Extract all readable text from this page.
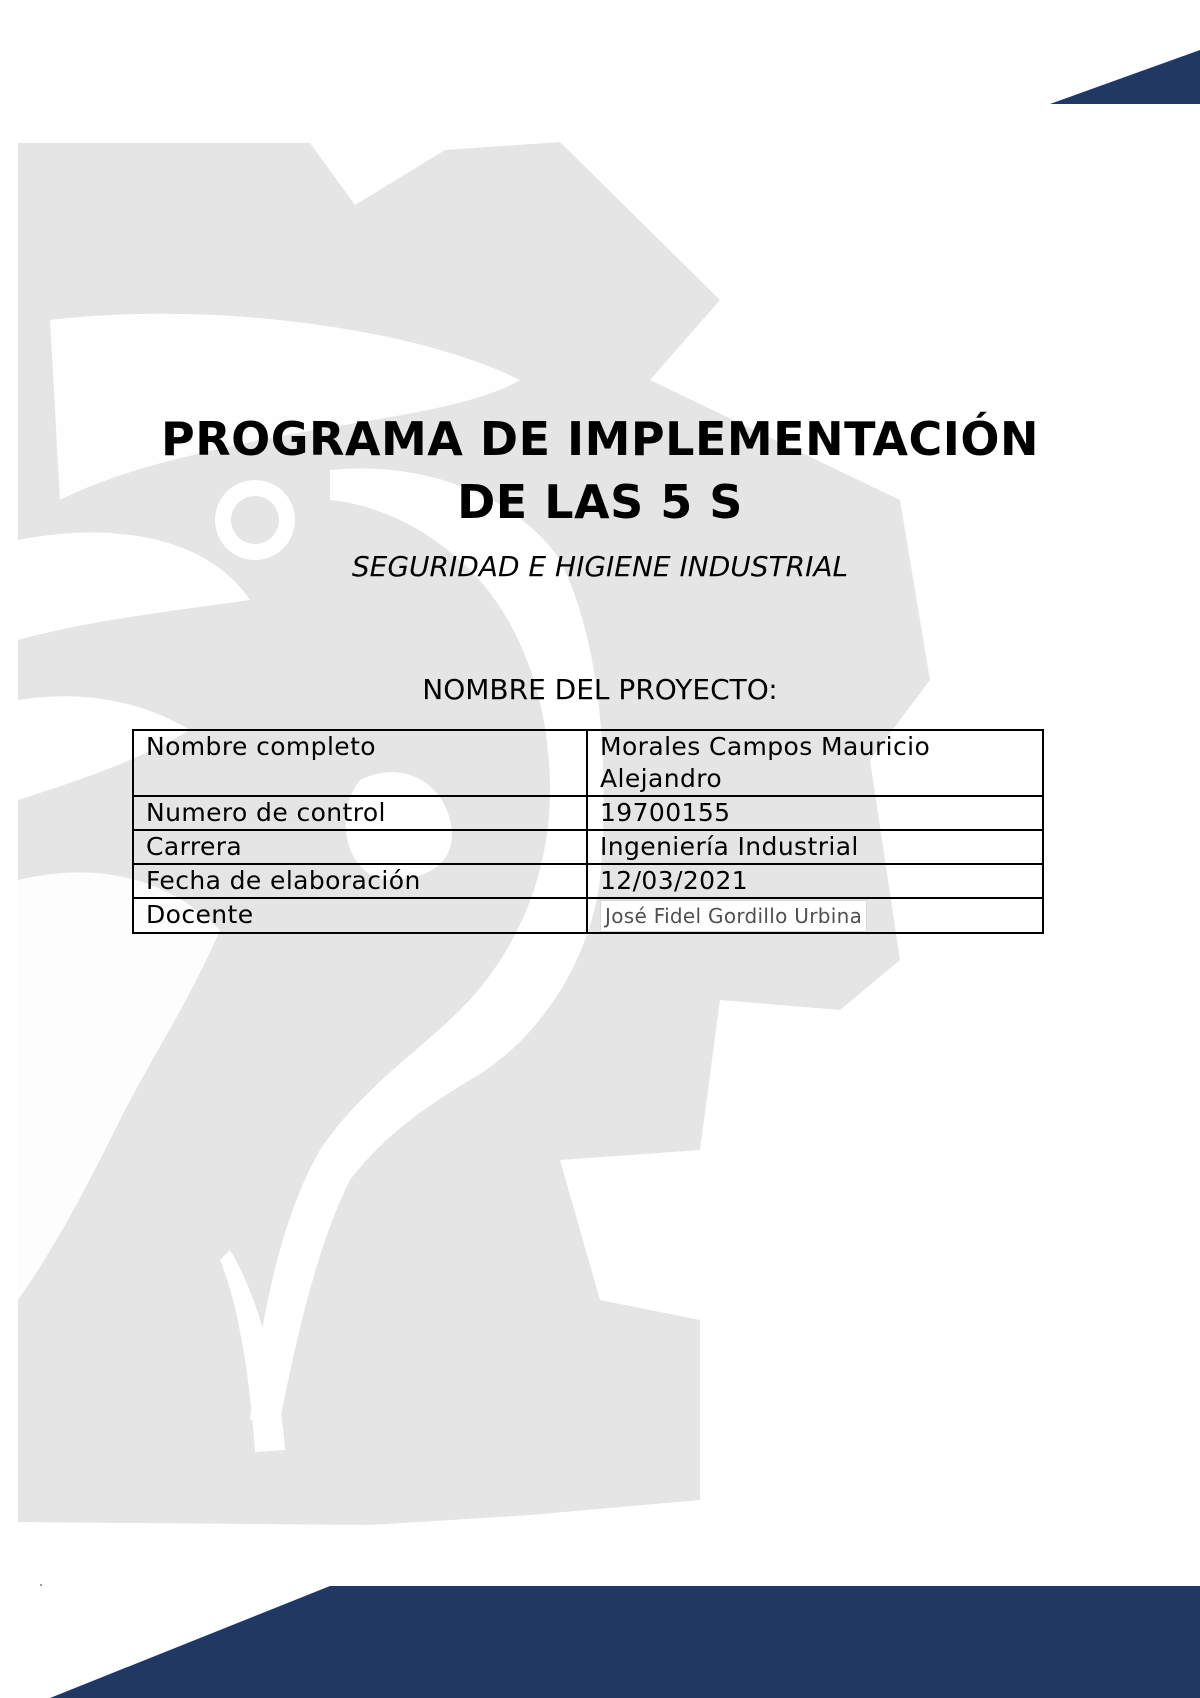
PROGRAMA DE IMPLEMENTACIÓN
DE LAS 5 S

SEGURIDAD E HIGIENE INDUSTRIAL

NOMBRE DEL PROYECTO:

Nombre completo	Morales Campos Mauricio Alejandro
Numero de control	19700155
Carrera	Ingeniería Industrial
Fecha de elaboración	12/03/2021
Docente	José Fidel Gordillo Urbina
